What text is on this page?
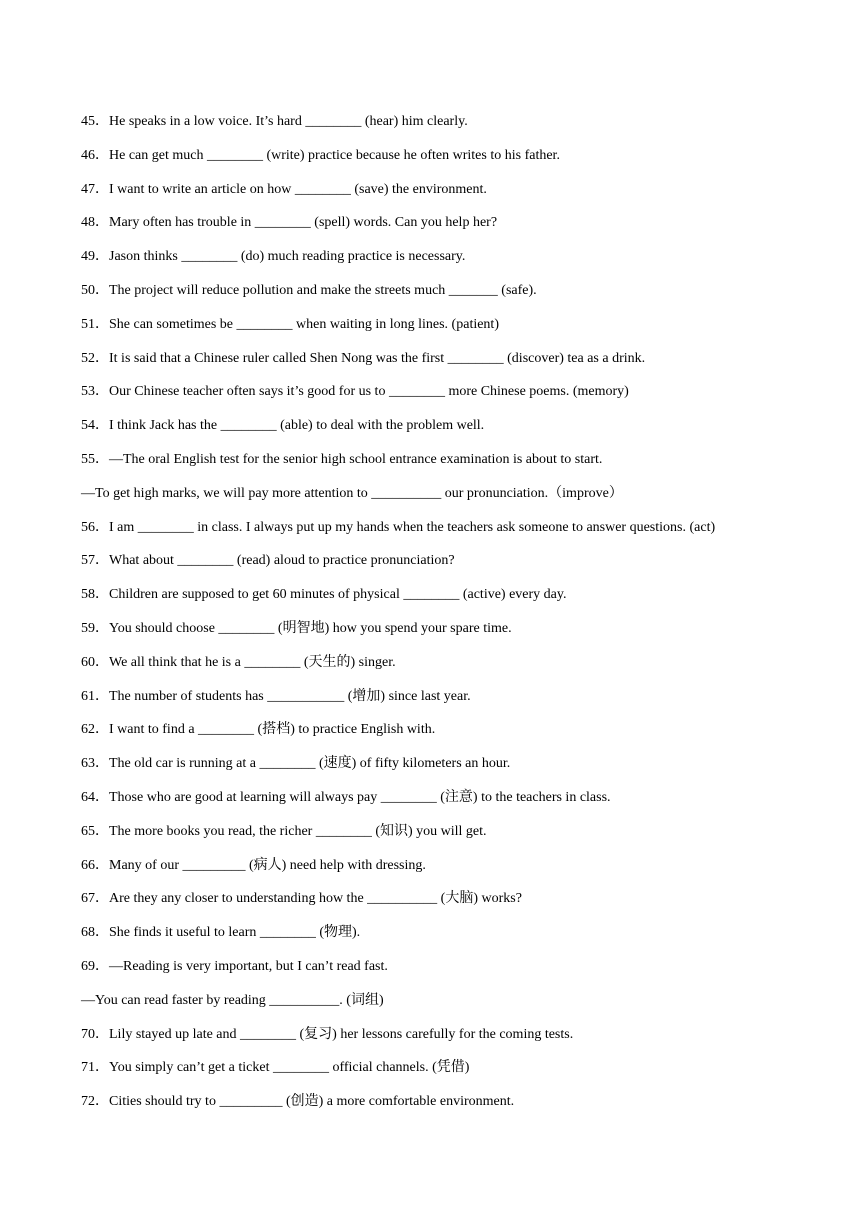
45．He speaks in a low voice. It’s hard ________ (hear) him clearly.
46．He can get much ________ (write) practice because he often writes to his father.
47．I want to write an article on how ________ (save) the environment.
48．Mary often has trouble in ________ (spell) words. Can you help her?
49．Jason thinks ________ (do) much reading practice is necessary.
50．The project will reduce pollution and make the streets much _______ (safe).
51．She can sometimes be ________ when waiting in long lines. (patient)
52．It is said that a Chinese ruler called Shen Nong was the first ________ (discover) tea as a drink.
53．Our Chinese teacher often says it’s good for us to ________ more Chinese poems. (memory)
54．I think Jack has the ________ (able) to deal with the problem well.
55．—The oral English test for the senior high school entrance examination is about to start.
—To get high marks, we will pay more attention to __________ our pronunciation.（improve）
56．I am ________ in class. I always put up my hands when the teachers ask someone to answer questions. (act)
57．What about ________ (read) aloud to practice pronunciation?
58．Children are supposed to get 60 minutes of physical ________ (active) every day.
59．You should choose ________ (明智地) how you spend your spare time.
60．We all think that he is a ________ (天生的) singer.
61．The number of students has ___________ (增加) since last year.
62．I want to find a ________ (搭档) to practice English with.
63．The old car is running at a ________ (速度) of fifty kilometers an hour.
64．Those who are good at learning will always pay ________ (注意) to the teachers in class.
65．The more books you read, the richer ________ (知识) you will get.
66．Many of our _________ (病人) need help with dressing.
67．Are they any closer to understanding how the __________ (大脑) works?
68．She finds it useful to learn ________ (物理).
69．—Reading is very important, but I can’t read fast.
—You can read faster by reading __________. (词组)
70．Lily stayed up late and ________ (复习) her lessons carefully for the coming tests.
71．You simply can’t get a ticket ________ official channels. (凭借)
72．Cities should try to _________ (创造) a more comfortable environment.
